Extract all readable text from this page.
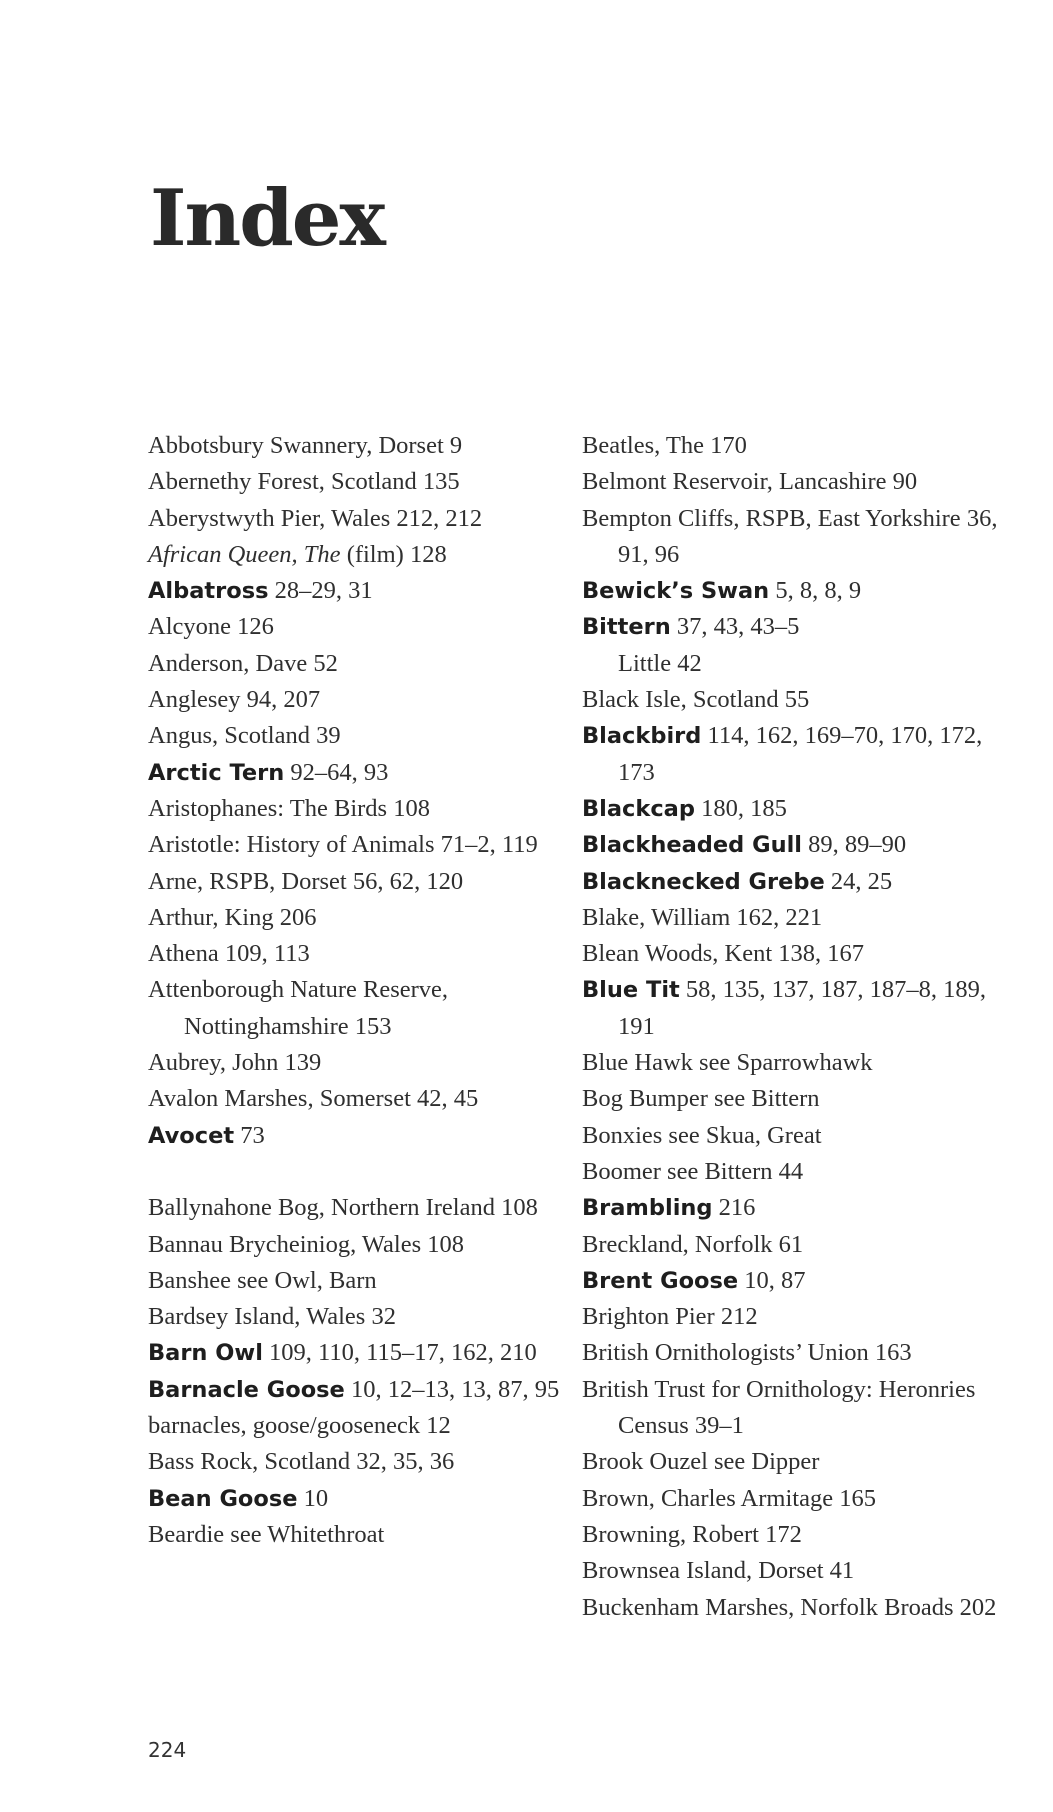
Index
Abbotsbury Swannery, Dorset 9
Abernethy Forest, Scotland 135
Aberystwyth Pier, Wales 212, 212
African Queen, The (film) 128
Albatross 28–29, 31
Alcyone 126
Anderson, Dave 52
Anglesey 94, 207
Angus, Scotland 39
Arctic Tern 92–64, 93
Aristophanes: The Birds 108
Aristotle: History of Animals 71–2, 119
Arne, RSPB, Dorset 56, 62, 120
Arthur, King 206
Athena 109, 113
Attenborough Nature Reserve, Nottinghamshire 153
Aubrey, John 139
Avalon Marshes, Somerset 42, 45
Avocet 73
Ballynahone Bog, Northern Ireland 108
Bannau Brycheiniog, Wales 108
Banshee see Owl, Barn
Bardsey Island, Wales 32
Barn Owl 109, 110, 115–17, 162, 210
Barnacle Goose 10, 12–13, 13, 87, 95
barnacles, goose/gooseneck 12
Bass Rock, Scotland 32, 35, 36
Bean Goose 10
Beardie see Whitethroat
Beatles, The 170
Belmont Reservoir, Lancashire 90
Bempton Cliffs, RSPB, East Yorkshire 36, 91, 96
Bewick’s Swan 5, 8, 8, 9
Bittern 37, 43, 43–5
Little 42
Black Isle, Scotland 55
Blackbird 114, 162, 169–70, 170, 172, 173
Blackcap 180, 185
Blackheaded Gull 89, 89–90
Blacknecked Grebe 24, 25
Blake, William 162, 221
Blean Woods, Kent 138, 167
Blue Tit 58, 135, 137, 187, 187–8, 189, 191
Blue Hawk see Sparrowhawk
Bog Bumper see Bittern
Bonxies see Skua, Great
Boomer see Bittern 44
Brambling 216
Breckland, Norfolk 61
Brent Goose 10, 87
Brighton Pier 212
British Ornithologists’ Union 163
British Trust for Ornithology: Heronries Census 39–1
Brook Ouzel see Dipper
Brown, Charles Armitage 165
Browning, Robert 172
Brownsea Island, Dorset 41
Buckenham Marshes, Norfolk Broads 202
224
